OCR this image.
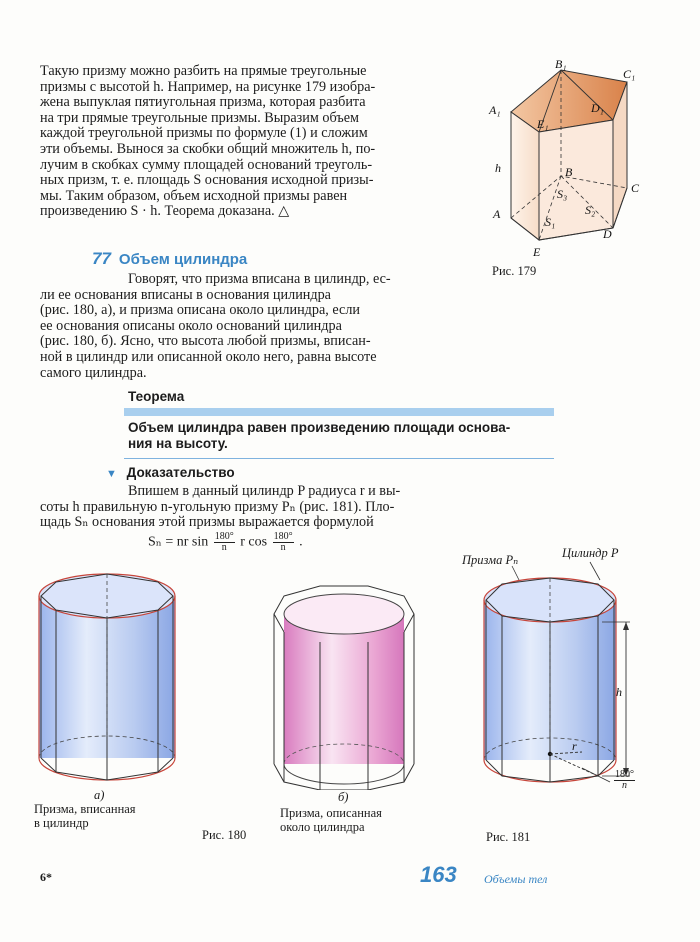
Такую призму можно разбить на прямые треугольные
призмы с высотой h. Например, на рисунке 179 изобра-
жена выпуклая пятиугольная призма, которая разбита
на три прямые треугольные призмы. Выразим объем
каждой треугольной призмы по формуле (1) и сложим
эти объемы. Вынося за скобки общий множитель h, по-
лучим в скобках сумму площадей оснований треуголь-
ных призм, т. е. площадь S основания исходной призы-
мы. Таким образом, объем исходной призмы равен
произведению S · h. Теорема доказана. △
B₁
C₁
A₁	D₁
E₁
h	B
C
A
S₃
S₂
S₁
E
D
Рис. 179
77 Объем цилиндра
Говорят, что призма вписана в цилиндр, ес-
ли ее основания вписаны в основания цилиндра
(рис. 180, а), и призма описана около цилиндра, если
ее основания описаны около оснований цилиндра
(рис. 180, б). Ясно, что высота любой призмы, вписан-
ной в цилиндр или описанной около него, равна высоте
самого цилиндра.
Теорема
Объем цилиндра равен произведению площади основа-
ния на высоту.
▼ Доказательство
Впишем в данный цилиндр P радиуса r и вы-
соты h правильную n-угольную призму Pₙ (рис. 181). Пло-
щадь Sₙ основания этой призмы выражается формулой
Sₙ = nr $\sin \frac{180^\circ}{n}$ r $\cos \frac{180^\circ}{n}$ .
а)
Призма, вписанная
в цилиндр
б)
Призма, описанная
около цилиндра
Рис. 180
Призма Pₙ	Цилиндр P
h
r
$\frac{180^\circ}{n}$
Рис. 181
6*	163 Объемы тел
